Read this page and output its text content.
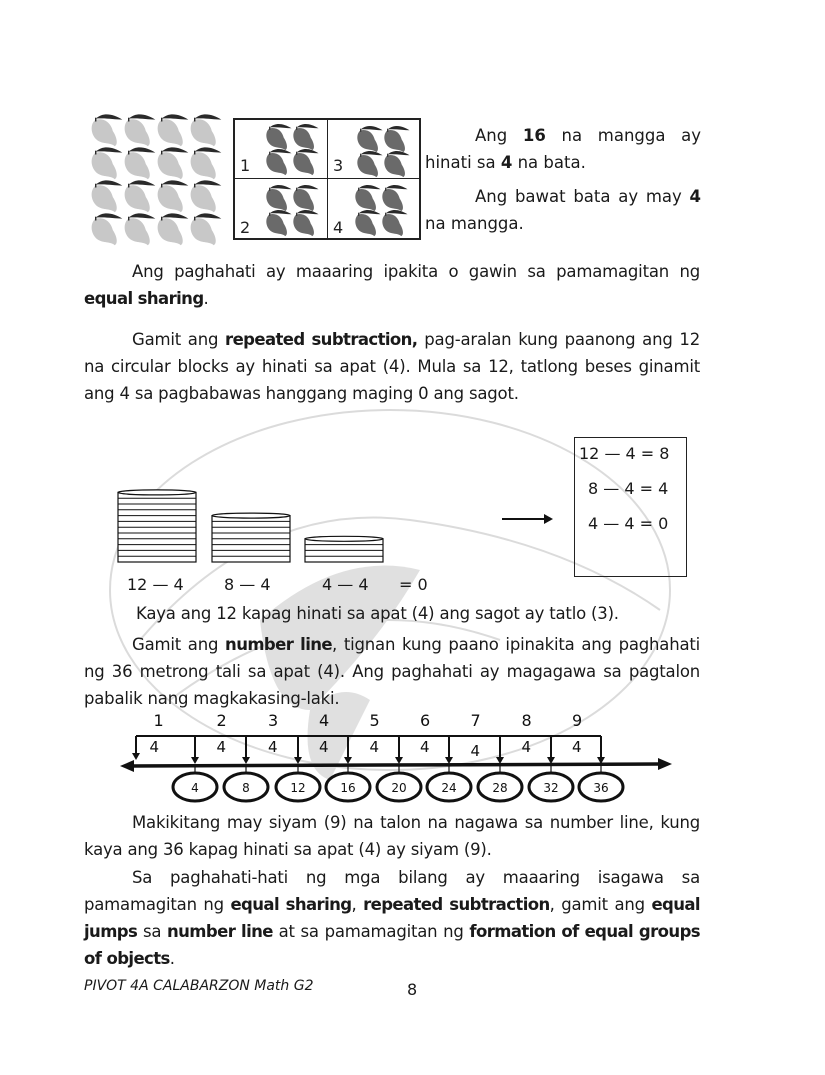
1	3
2	4
Ang 16 na mangga ay hinati sa 4 na bata.
Ang bawat bata ay may 4 na mangga.
Ang paghahati ay maaaring ipakita o gawin sa pamamagitan ng equal sharing.
Gamit ang repeated subtraction, pag-aralan kung paanong ang 12 na circular blocks ay hinati sa apat (4). Mula sa 12, tatlong beses ginamit ang 4 sa pagbabawas hanggang maging 0 ang sagot.
12 — 4	8 — 4	4 — 4 = 0
12 — 4 = 8
8 — 4 = 4
4 — 4 = 0
Kaya ang 12 kapag hinati sa apat (4) ang sagot ay tatlo (3).
Gamit ang number line, tignan kung paano ipinakita ang paghahati ng 36 metrong tali sa apat (4). Ang paghahati ay magagawa sa pagtalon pabalik nang magkakasing-laki.
1	2	3	4	5	6	7	8	9
4	4	4	4	4	4	4	4	4
4	8	12	16	20	24	28	32	36
Makikitang may siyam (9) na talon na nagawa sa number line, kung kaya ang 36 kapag hinati sa apat (4) ay siyam (9).
Sa paghahati-hati ng mga bilang ay maaaring isagawa sa pamamagitan ng equal sharing, repeated subtraction, gamit ang equal jumps sa number line at sa pamamagitan ng formation of equal groups of objects.
PIVOT 4A CALABARZON Math G2	8
